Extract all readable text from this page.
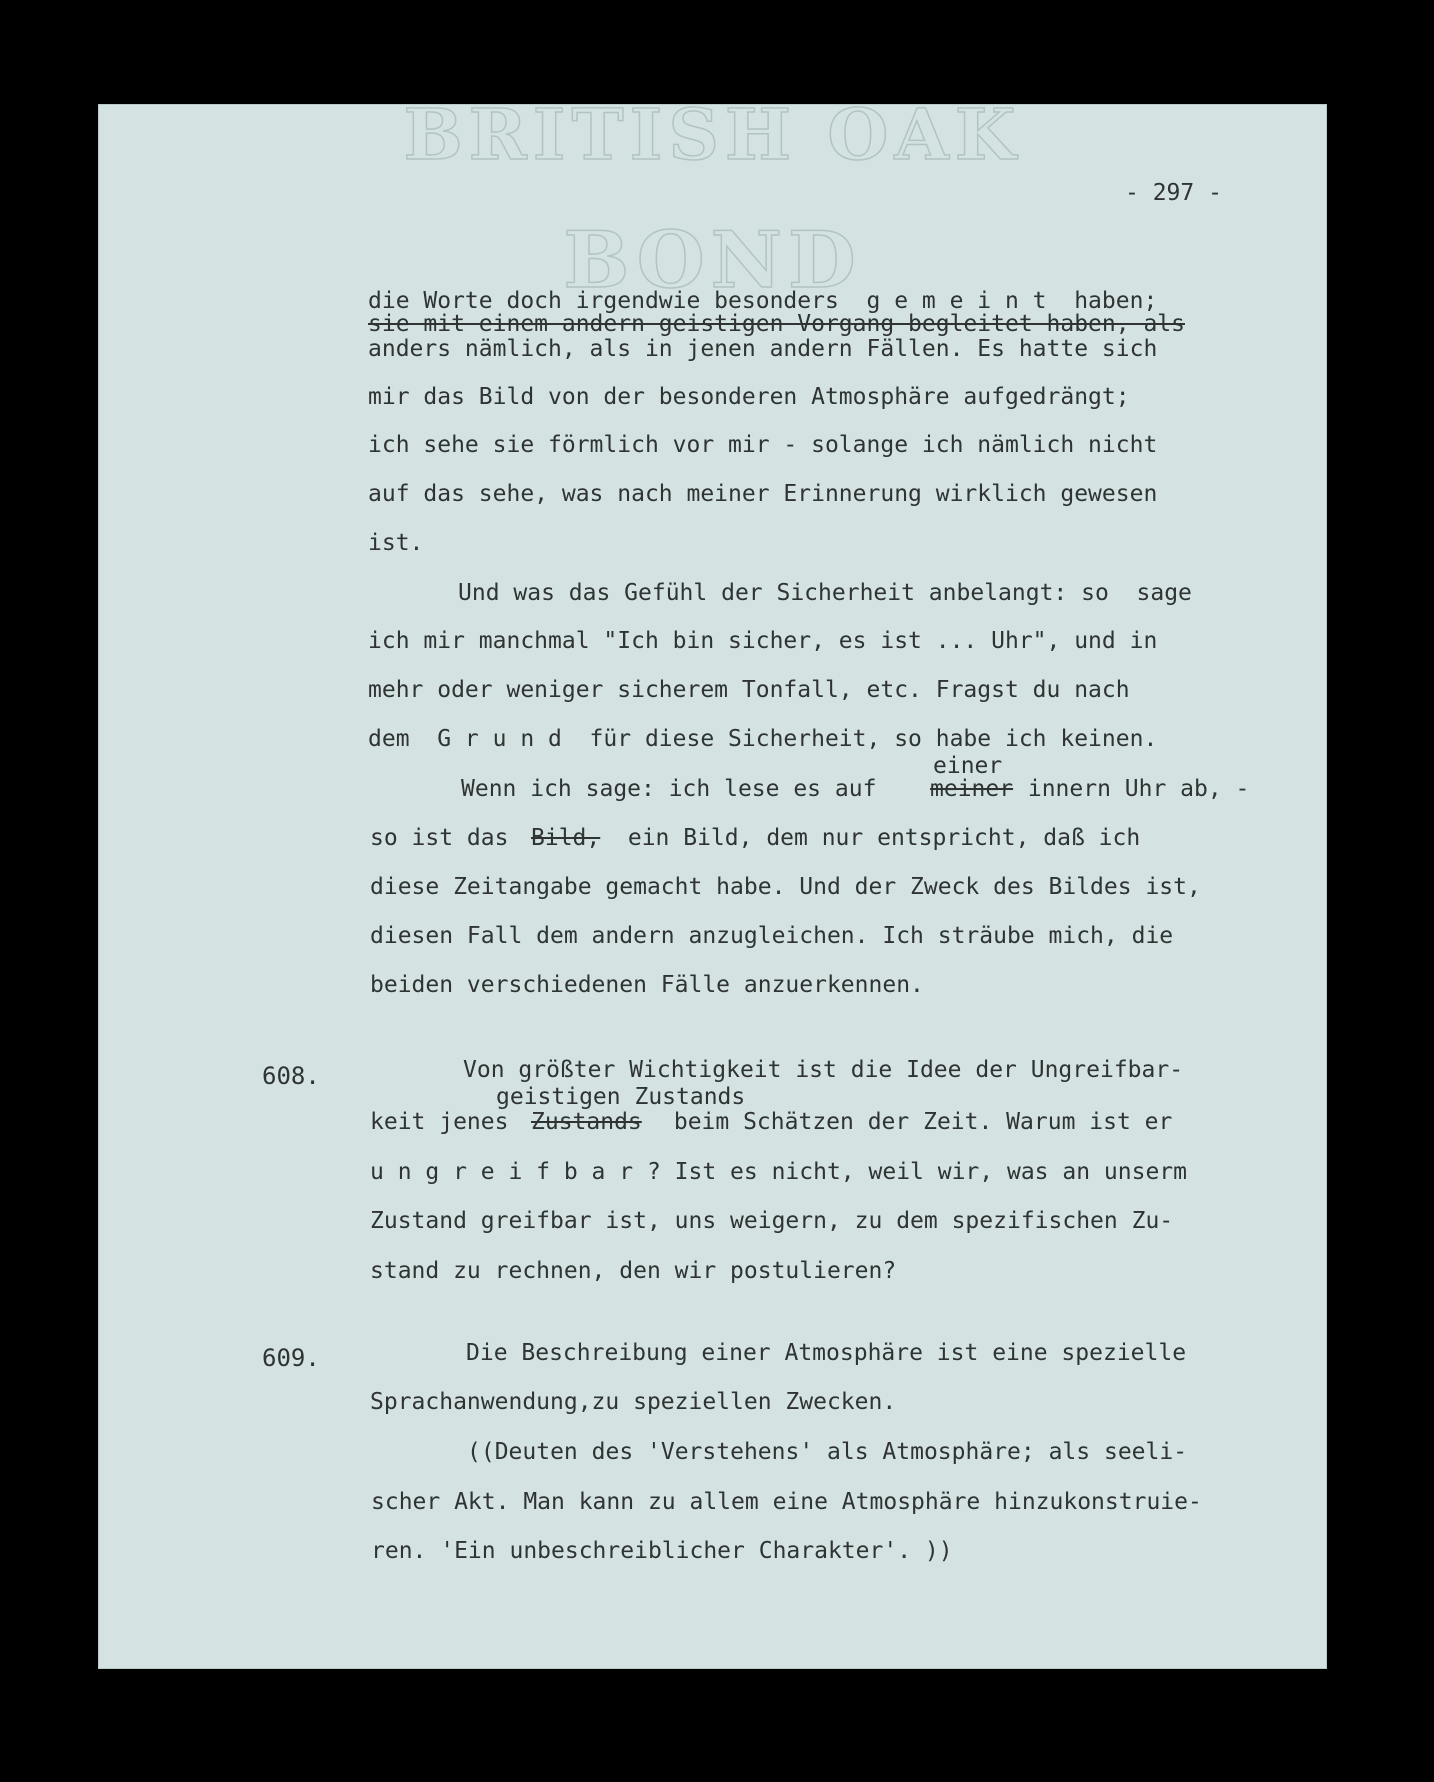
BRITISH OAK
BOND
- 297 -
die Worte doch irgendwie besonders  g e m e i n t  haben;
sie mit einem andern geistigen Vorgang begleitet haben, als
anders nämlich, als in jenen andern Fällen. Es hatte sich
mir das Bild von der besonderen Atmosphäre aufgedrängt;
ich sehe sie förmlich vor mir - solange ich nämlich nicht
auf das sehe, was nach meiner Erinnerung wirklich gewesen
ist.
Und was das Gefühl der Sicherheit anbelangt: so  sage
ich mir manchmal "Ich bin sicher, es ist ... Uhr", und in
mehr oder weniger sicherem Tonfall, etc. Fragst du nach
dem  G r u n d  für diese Sicherheit, so habe ich keinen.
einer
Wenn ich sage: ich lese es auf meiner innern Uhr ab, -
so ist das Bild, ein Bild, dem nur entspricht, daß ich
diese Zeitangabe gemacht habe. Und der Zweck des Bildes ist,
diesen Fall dem andern anzugleichen. Ich sträube mich, die
beiden verschiedenen Fälle anzuerkennen.
608.	Von größter Wichtigkeit ist die Idee der Ungreifbar-
geistigen Zustands
keit jenes Zustands beim Schätzen der Zeit. Warum ist er
u n g r e i f b a r ? Ist es nicht, weil wir, was an unserm
Zustand greifbar ist, uns weigern, zu dem spezifischen Zu-
stand zu rechnen, den wir postulieren?
609.	Die Beschreibung einer Atmosphäre ist eine spezielle
Sprachanwendung,zu speziellen Zwecken.
((Deuten des 'Verstehens' als Atmosphäre; als seeli-
scher Akt. Man kann zu allem eine Atmosphäre hinzukonstruie-
ren. 'Ein unbeschreiblicher Charakter'. ))
